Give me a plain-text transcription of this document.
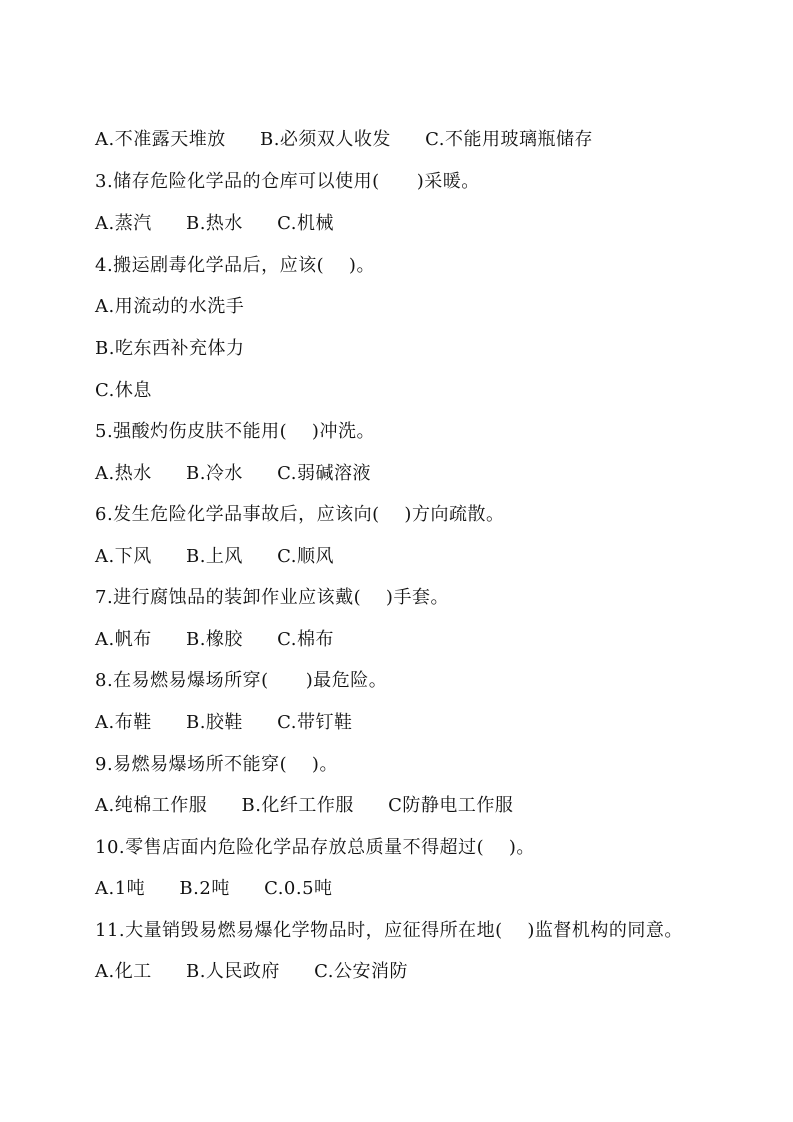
A.不准露天堆放 B.必须双人收发 C.不能用玻璃瓶储存
3.储存危险化学品的仓库可以使用(　　)采暖。
A.蒸汽 B.热水 C.机械
4.搬运剧毒化学品后，应该(　 )。
A.用流动的水洗手
B.吃东西补充体力
C.休息
5.强酸灼伤皮肤不能用(　 )冲洗。
A.热水 B.冷水 C.弱碱溶液
6.发生危险化学品事故后，应该向(　 )方向疏散。
A.下风 B.上风 C.顺风
7.进行腐蚀品的装卸作业应该戴(　 )手套。
A.帆布 B.橡胶 C.棉布
8.在易燃易爆场所穿(　　)最危险。
A.布鞋 B.胶鞋 C.带钉鞋
9.易燃易爆场所不能穿(　 )。
A.纯棉工作服 B.化纤工作服 C防静电工作服
10.零售店面内危险化学品存放总质量不得超过(　 )。
A.1吨 B.2吨 C.0.5吨
11.大量销毁易燃易爆化学物品时，应征得所在地(　 )监督机构的同意。
A.化工 B.人民政府 C.公安消防
